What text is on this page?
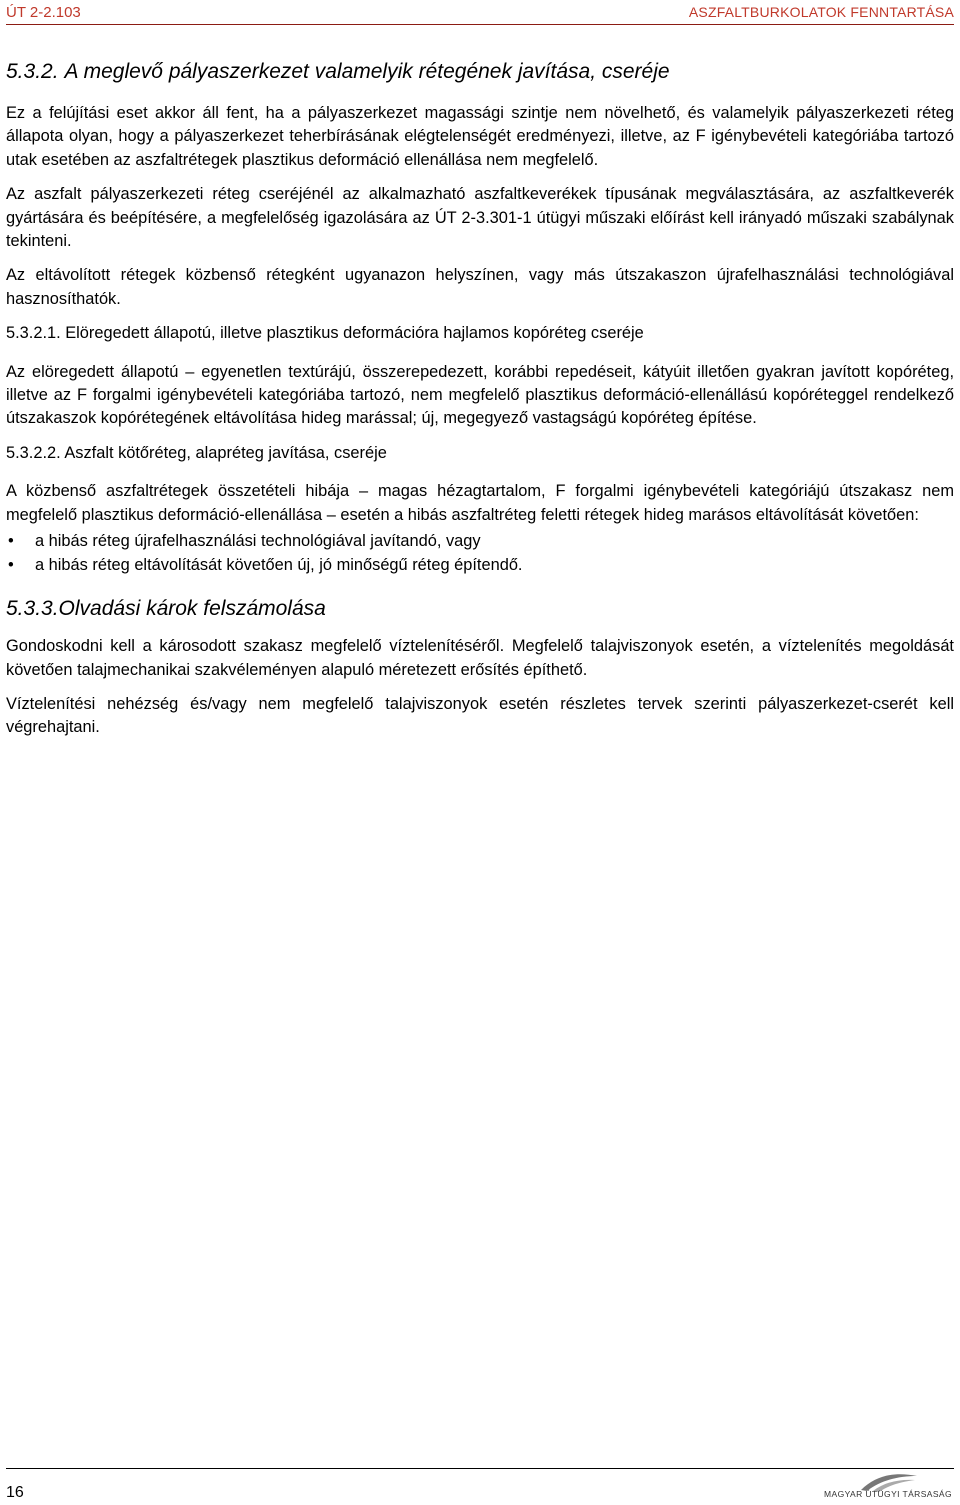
ÚT 2-2.103	ASZFALTBURKOLATOK FENNTARTÁSA
5.3.2. A meglevő pályaszerkezet valamelyik rétegének javítása, cseréje

Ez a felújítási eset akkor áll fent, ha a pályaszerkezet magassági szintje nem növelhető, és valamelyik pályaszerkezeti réteg állapota olyan, hogy a pályaszerkezet teherbírásának elégtelenségét eredményezi, illetve, az F igénybevételi kategóriába tartozó utak esetében az aszfaltrétegek plasztikus deformáció ellenállása nem megfelelő.

Az aszfalt pályaszerkezeti réteg cseréjénél az alkalmazható aszfaltkeverékek típusának megválasztására, az aszfaltkeverék gyártására és beépítésére, a megfelelőség igazolására az ÚT 2-3.301-1 útügyi műszaki előírást kell irányadó műszaki szabálynak tekinteni.

Az eltávolított rétegek közbenső rétegként ugyanazon helyszínen, vagy más útszakaszon újrafelhasználási technológiával hasznosíthatók.

5.3.2.1. Elöregedett állapotú, illetve plasztikus deformációra hajlamos kopóréteg cseréje

Az elöregedett állapotú – egyenetlen textúrájú, összerepedezett, korábbi repedéseit, kátyúit illetően gyakran javított kopóréteg, illetve az F forgalmi igénybevételi kategóriába tartozó, nem megfelelő plasztikus deformáció-ellenállású kopóréteggel rendelkező útszakaszok kopórétegének eltávolítása hideg marással; új, megegyező vastagságú kopóréteg építése.

5.3.2.2. Aszfalt kötőréteg, alapréteg javítása, cseréje

A közbenső aszfaltrétegek összetételi hibája – magas hézagtartalom, F forgalmi igénybevételi kategóriájú útszakasz nem megfelelő plasztikus deformáció-ellenállása – esetén a hibás aszfaltréteg feletti rétegek hideg marásos eltávolítását követően:

• a hibás réteg újrafelhasználási technológiával javítandó, vagy
• a hibás réteg eltávolítását követően új, jó minőségű réteg építendő.
5.3.3.Olvadási károk felszámolása

Gondoskodni kell a károsodott szakasz megfelelő víztelenítéséről. Megfelelő talajviszonyok esetén, a víztelenítés megoldását követően talajmechanikai szakvéleményen alapuló méretezett erősítés építhető.

Víztelenítési nehézség és/vagy nem megfelelő talajviszonyok esetén részletes tervek szerinti pályaszerkezet-cserét kell végrehajtani.

16	MAGYAR ÚTÜGYI TÁRSASÁG
